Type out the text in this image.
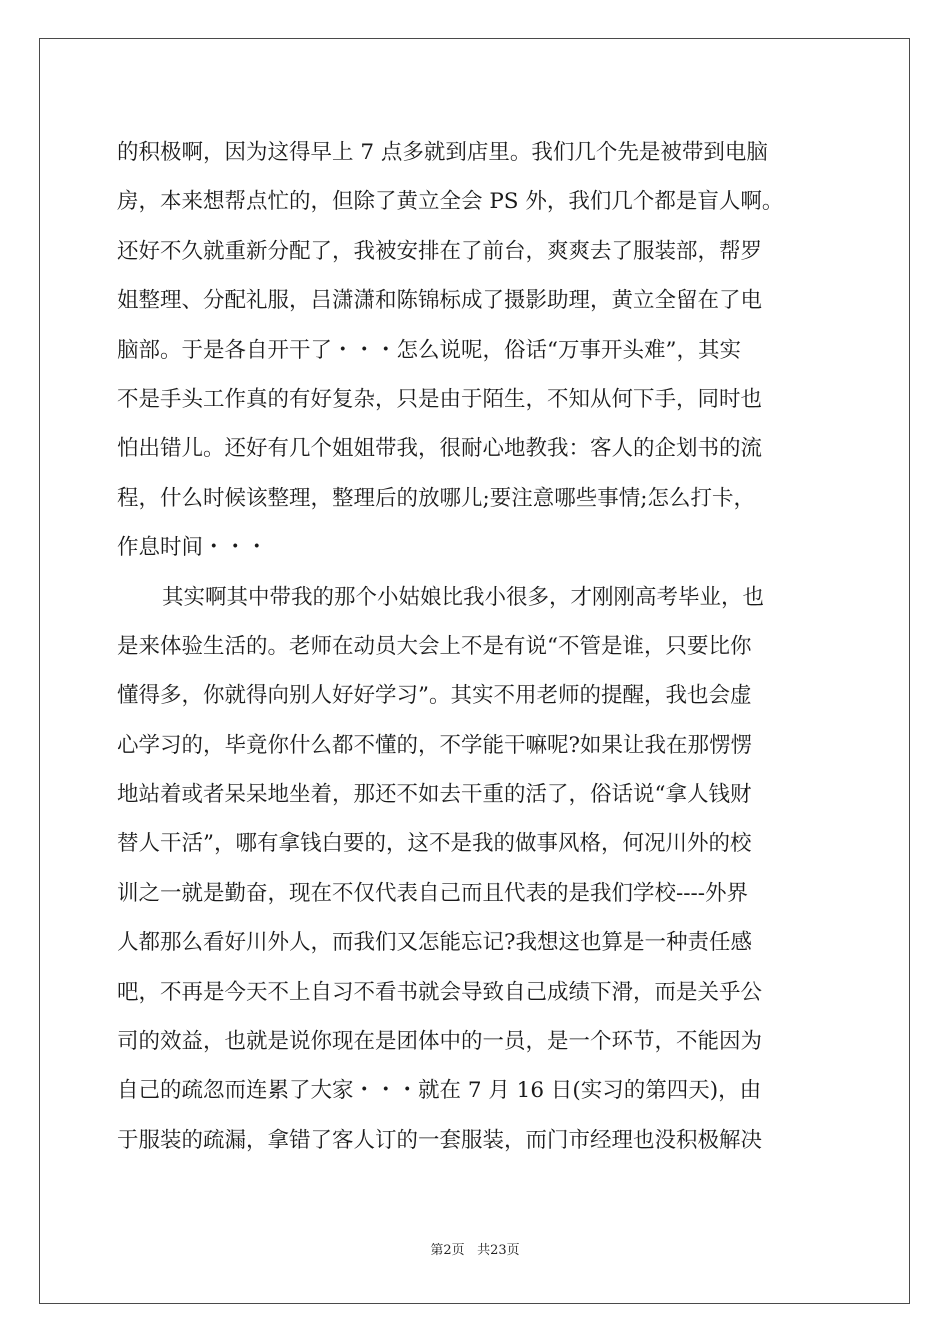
的积极啊，因为这得早上 7 点多就到店里。我们几个先是被带到电脑
房，本来想帮点忙的，但除了黄立全会 PS 外，我们几个都是盲人啊。
还好不久就重新分配了，我被安排在了前台，爽爽去了服装部，帮罗
姐整理、分配礼服，吕潇潇和陈锦标成了摄影助理，黄立全留在了电
脑部。于是各自开干了・・・怎么说呢，俗话“万事开头难”，其实
不是手头工作真的有好复杂，只是由于陌生，不知从何下手，同时也
怕出错儿。还好有几个姐姐带我，很耐心地教我：客人的企划书的流
程，什么时候该整理，整理后的放哪儿;要注意哪些事情;怎么打卡，
作息时间・・・
其实啊其中带我的那个小姑娘比我小很多，才刚刚高考毕业，也
是来体验生活的。老师在动员大会上不是有说“不管是谁，只要比你
懂得多，你就得向别人好好学习”。其实不用老师的提醒，我也会虚
心学习的，毕竟你什么都不懂的，不学能干嘛呢?如果让我在那愣愣
地站着或者呆呆地坐着，那还不如去干重的活了，俗话说“拿人钱财
替人干活”，哪有拿钱白要的，这不是我的做事风格，何况川外的校
训之一就是勤奋，现在不仅代表自己而且代表的是我们学校----外界
人都那么看好川外人，而我们又怎能忘记?我想这也算是一种责任感
吧，不再是今天不上自习不看书就会导致自己成绩下滑，而是关乎公
司的效益，也就是说你现在是团体中的一员，是一个环节，不能因为
自己的疏忽而连累了大家・・・就在 7 月 16 日(实习的第四天)，由
于服装的疏漏，拿错了客人订的一套服装，而门市经理也没积极解决
第2页 共23页
